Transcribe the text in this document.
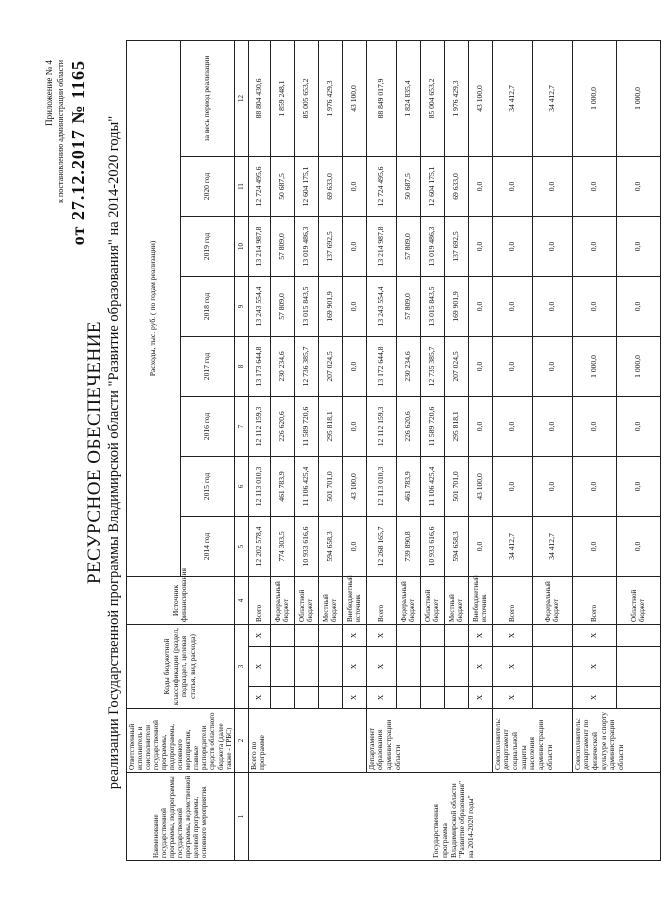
Приложение № 4 к постановлению администрации области
от 27.12.2017 № 1165
РЕСУРСНОЕ ОБЕСПЕЧЕНИЕ реализации Государственной программы Владимирской области "Развитие образования" на 2014-2020 годы"
Наименование государственной программы, подпрограммы государственной программы, ведомственной целевой программы, основного мероприятия	Ответственный исполнитель и соисполнители государственной программы, подпрограммы, основного мероприятия, главные распорядители средств областного бюджета (далее также - ГРБС)	Коды бюджетной классификации (раздел, подраздел, целевая статья, вид расхода)			Источник финансирования	Расходы, тыс. руб. ( по годам реализации)							
						2014 год	2015 год	2016 год	2017 год	2018 год	2019 год	2020 год	за весь период реализации
1	2	3			4	5	6	7	8	9	10	11	12
Государственная программа Владимирской области "Развитие образования" на 2014-2020 годы"	Всего по программе	X	X	X	Всего	12 202 578,4	12 113 010,3	12 112 159,3	13 173 644,8	13 243 554,4	13 214 987,8	12 724 495,6	88 804 430,6
					Федеральный бюджет	774 303,5	461 783,9	226 620,6	230 234,6	57 809,0	57 809,0	50 687,5	1 859 248,1
					Областной бюджет	10 933 616,6	11 106 425,4	11 589 720,6	12 736 385,7	13 015 843,5	13 019 486,3	12 604 175,1	85 005 653,2
					Местный бюджет	594 658,3	501 701,0	295 818,1	207 024,5	169 901,9	137 692,5	69 633,0	1 976 429,3
		X	X	X	Внебюджетный источник	0,0	43 100,0	0,0	0,0	0,0	0,0	0,0	43 100,0
	Департамент образования администрации области	X	X	X	Всего	12 268 165,7	12 113 010,3	12 112 159,3	13 172 644,8	13 243 554,4	13 214 987,8	12 724 495,6	88 849 017,9
					Федеральный бюджет	739 890,8	461 783,9	226 620,6	230 234,6	57 809,0	57 809,0	50 687,5	1 824 835,4
					Областной бюджет	10 933 616,6	11 106 425,4	11 589 720,6	12 735 385,7	13 015 843,5	13 019 486,3	12 604 175,1	85 004 653,2
					Местный бюджет	594 658,3	501 701,0	295 818,1	207 024,5	169 901,9	137 692,5	69 633,0	1 976 429,3
		X	X	X	Внебюджетный источник	0,0	43 100,0	0,0	0,0	0,0	0,0	0,0	43 100,0
	Соисполнитель: департамент социальной защиты населения администрации области	X	X	X	Всего	34 412,7	0,0	0,0	0,0	0,0	0,0	0,0	34 412,7
					Федеральный бюджет	34 412,7	0,0	0,0	0,0	0,0	0,0	0,0	34 412,7
	Соисполнитель: департамент по физической культуре и спорту администрации области	X	X	X	Всего	0,0	0,0	0,0	1 000,0	0,0	0,0	0,0	1 000,0
					Областной бюджет	0,0	0,0	0,0	1 000,0	0,0	0,0	0,0	1 000,0
